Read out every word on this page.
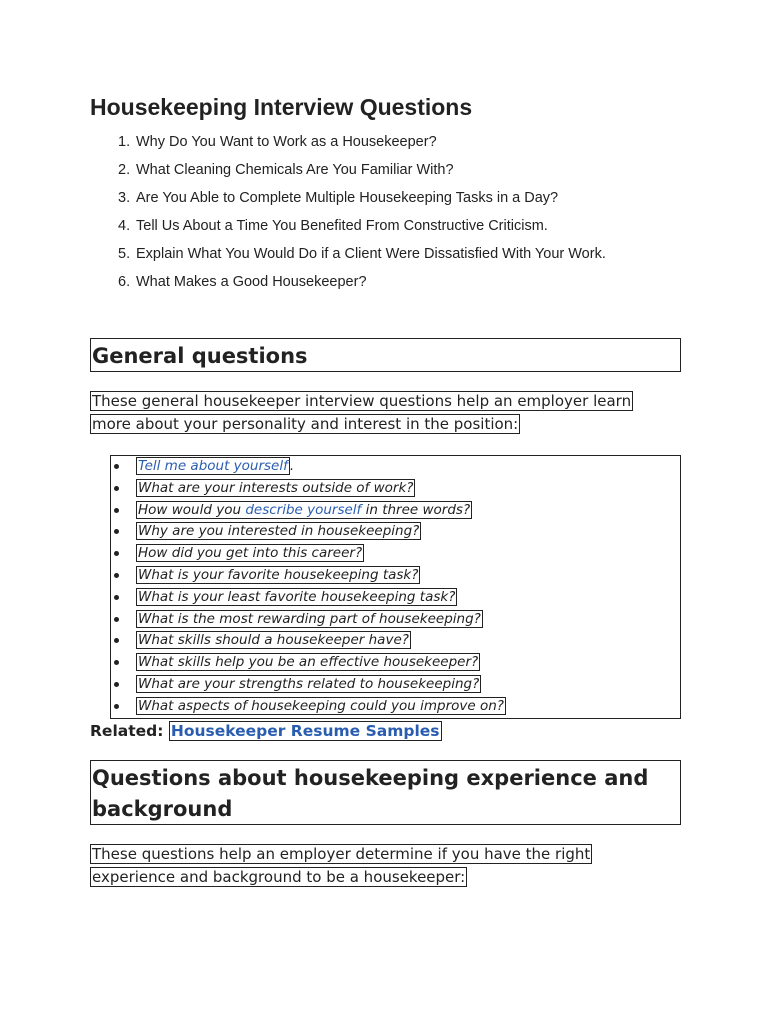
Housekeeping Interview Questions
1. Why Do You Want to Work as a Housekeeper?
2. What Cleaning Chemicals Are You Familiar With?
3. Are You Able to Complete Multiple Housekeeping Tasks in a Day?
4. Tell Us About a Time You Benefited From Constructive Criticism.
5. Explain What You Would Do if a Client Were Dissatisfied With Your Work.
6. What Makes a Good Housekeeper?
General questions

These general housekeeper interview questions help an employer learn more about your personality and interest in the position:

Tell me about yourself .
What are your interests outside of work?
How would you describe yourself in three words?
Why are you interested in housekeeping?
How did you get into this career?
What is your favorite housekeeping task?
What is your least favorite housekeeping task?
What is the most rewarding part of housekeeping?
What skills should a housekeeper have?
What skills help you be an effective housekeeper?
What are your strengths related to housekeeping?
What aspects of housekeeping could you improve on?

Related: Housekeeper Resume Samples

Questions about housekeeping experience and background

These questions help an employer determine if you have the right experience and background to be a housekeeper:
